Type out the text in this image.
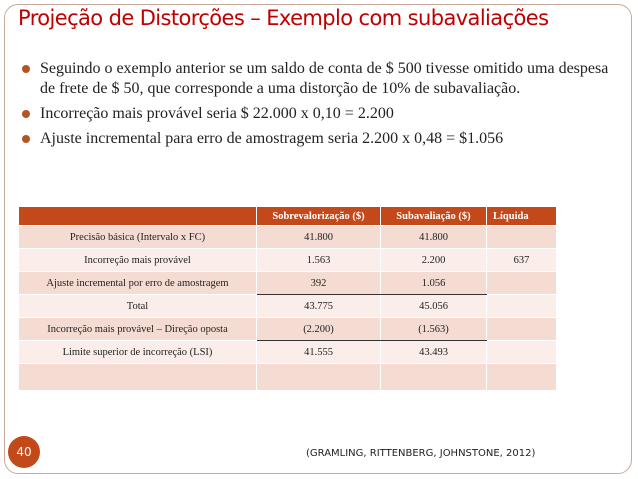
Projeção de Distorções – Exemplo com subavaliações
Seguindo o exemplo anterior se um saldo de conta de $ 500 tivesse omitido uma despesa de frete de $ 50, que corresponde a uma distorção de 10% de subavaliação.
Incorreção mais provável seria $ 22.000 x 0,10 = 2.200
Ajuste incremental para erro de amostragem seria 2.200 x 0,48 = $1.056
	Sobrevalorização ($)	Subavaliação ($)	Líquida
Precisão básica (Intervalo x FC)	41.800	41.800	
Incorreção mais provável	1.563	2.200	637
Ajuste incremental por erro de amostragem	392	1.056	
Total	43.775	45.056	
Incorreção mais provável – Direção oposta	(2.200)	(1.563)	
Limite superior de incorreção (LSI)	41.555	43.493	

40	(GRAMLING, RITTENBERG, JOHNSTONE, 2012)
